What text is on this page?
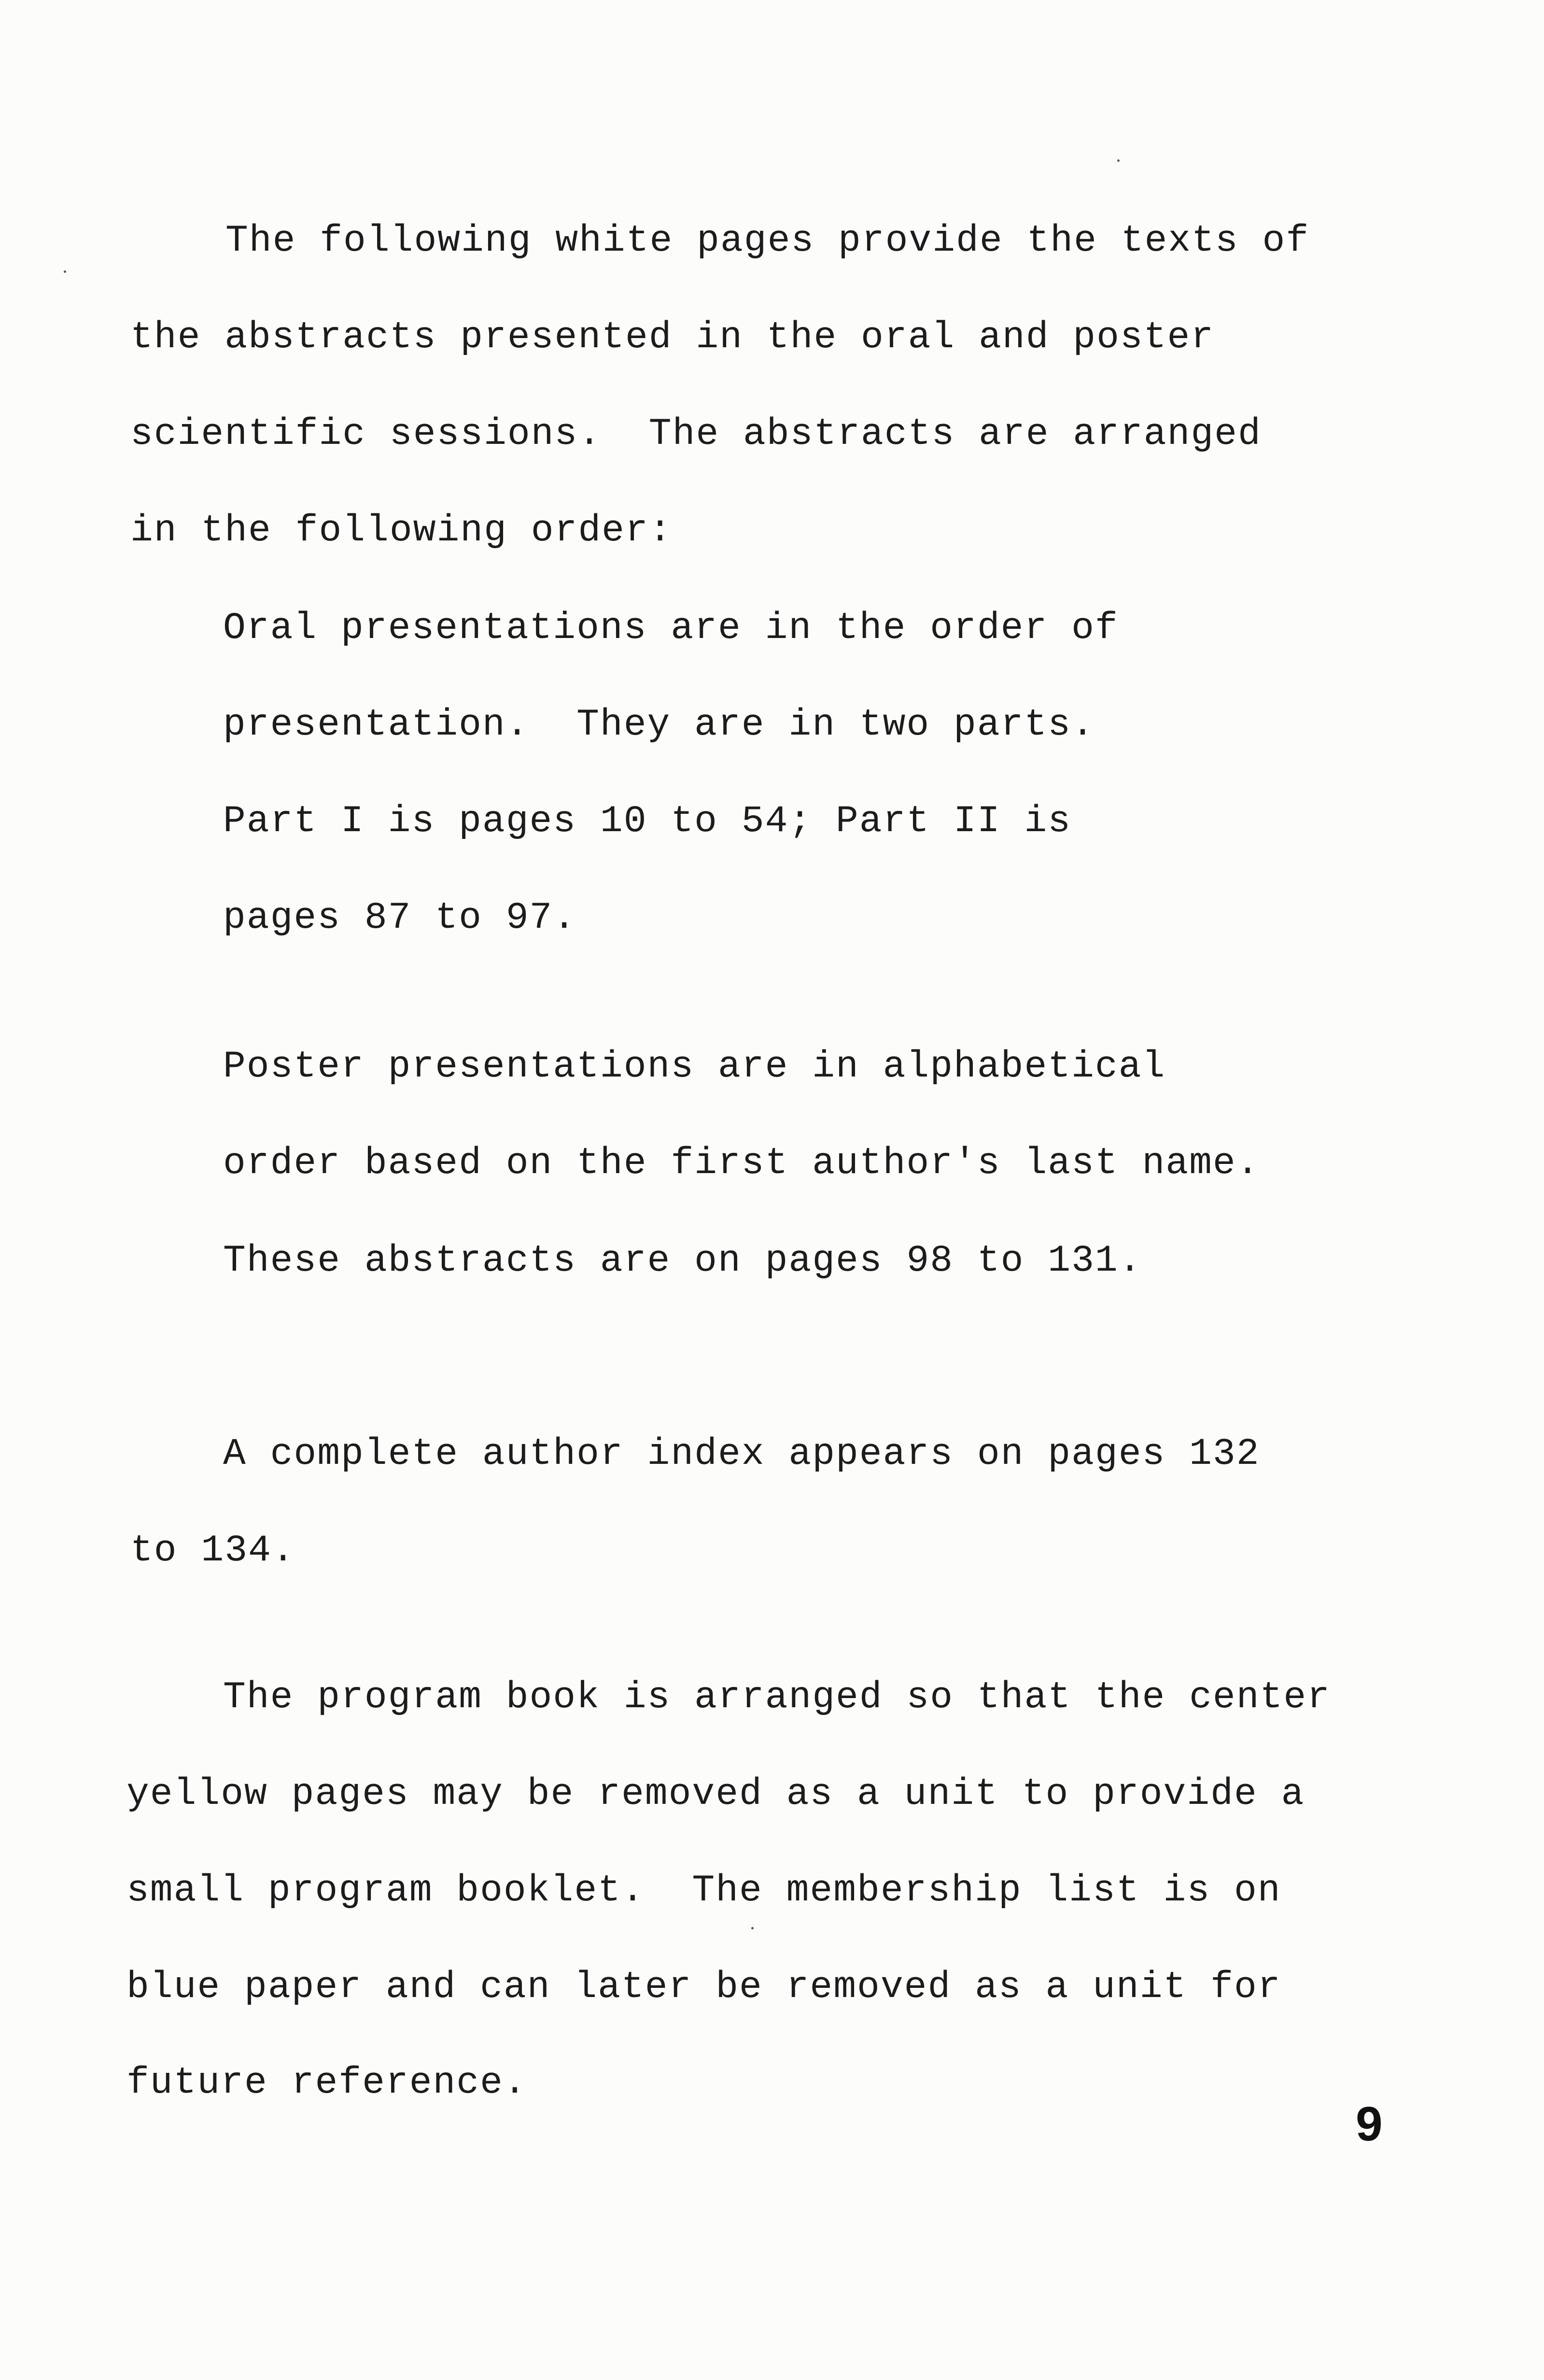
The following white pages provide the texts of

the abstracts presented in the oral and poster

scientific sessions.  The abstracts are arranged

in the following order:

Oral presentations are in the order of

presentation.  They are in two parts.

Part I is pages 10 to 54; Part II is

pages 87 to 97.

Poster presentations are in alphabetical

order based on the first author's last name.

These abstracts are on pages 98 to 131.

A complete author index appears on pages 132

to 134.

The program book is arranged so that the center

yellow pages may be removed as a unit to provide a

small program booklet.  The membership list is on

blue paper and can later be removed as a unit for

future reference.

9
